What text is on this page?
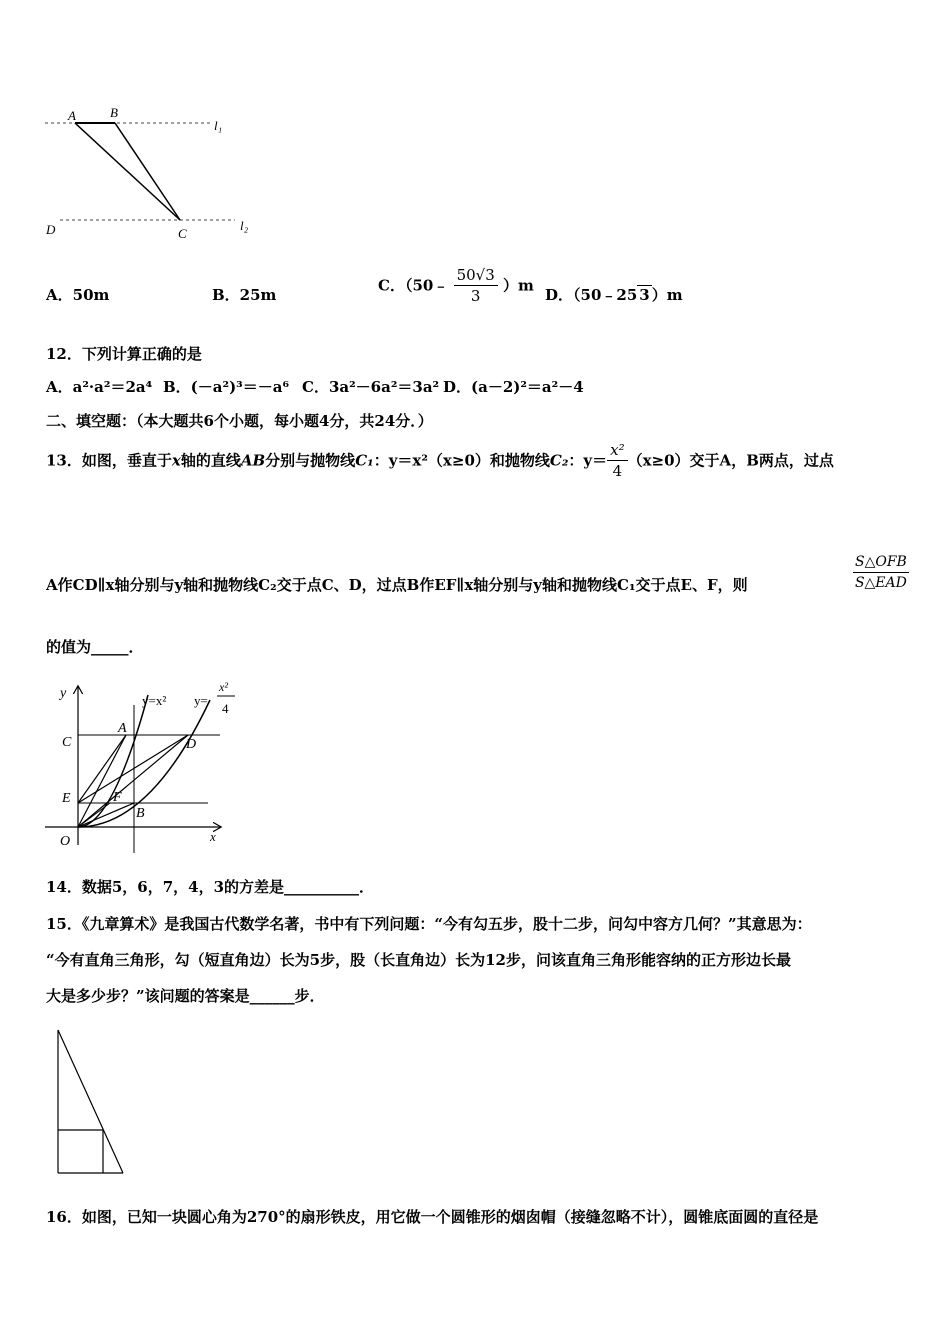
A	B
C
D
l₁
l₂
A．50m	B．25m
C．（50﹣ $\frac{50√3}{3} )m$
D．（50﹣25 3 ）m
12．下列计算正确的是
A．a²·a²＝2a⁴ B．(－a²)³＝－a⁶ C．3a²－6a²＝3a² D．(a－2)²＝a²－4
二、填空题：（本大题共6个小题，每小题4分，共24分．）
13．如图，垂直于x轴的直线AB分别与抛物线C₁：y＝x²（x≥0）和抛物线C₂：$y= \frac{\text{x²}}{4} (x\ge 0)$交于A，B两点，过点
A作CD∥x轴分别与y轴和抛物线C₂交于点C、D，过点B作EF∥x轴分别与y轴和抛物线C₁交于点E、F，则
S△OFB
S△EAD
的值为_____．
y
x
O
C
E
A
D
F
B
y=x² y=
x²
4
14．数据5，6，7，4，3的方差是__________．
15．《九章算术》是我国古代数学名著，书中有下列问题：“今有勾五步，股十二步，问勾中容方几何？”其意思为：
“今有直角三角形，勾（短直角边）长为5步，股（长直角边）长为12步，问该直角三角形能容纳的正方形边长最
大是多少步？”该问题的答案是______步．
16．如图，已知一块圆心角为270°的扇形铁皮，用它做一个圆锥形的烟囱帽（接缝忽略不计），圆锥底面圆的直径是
